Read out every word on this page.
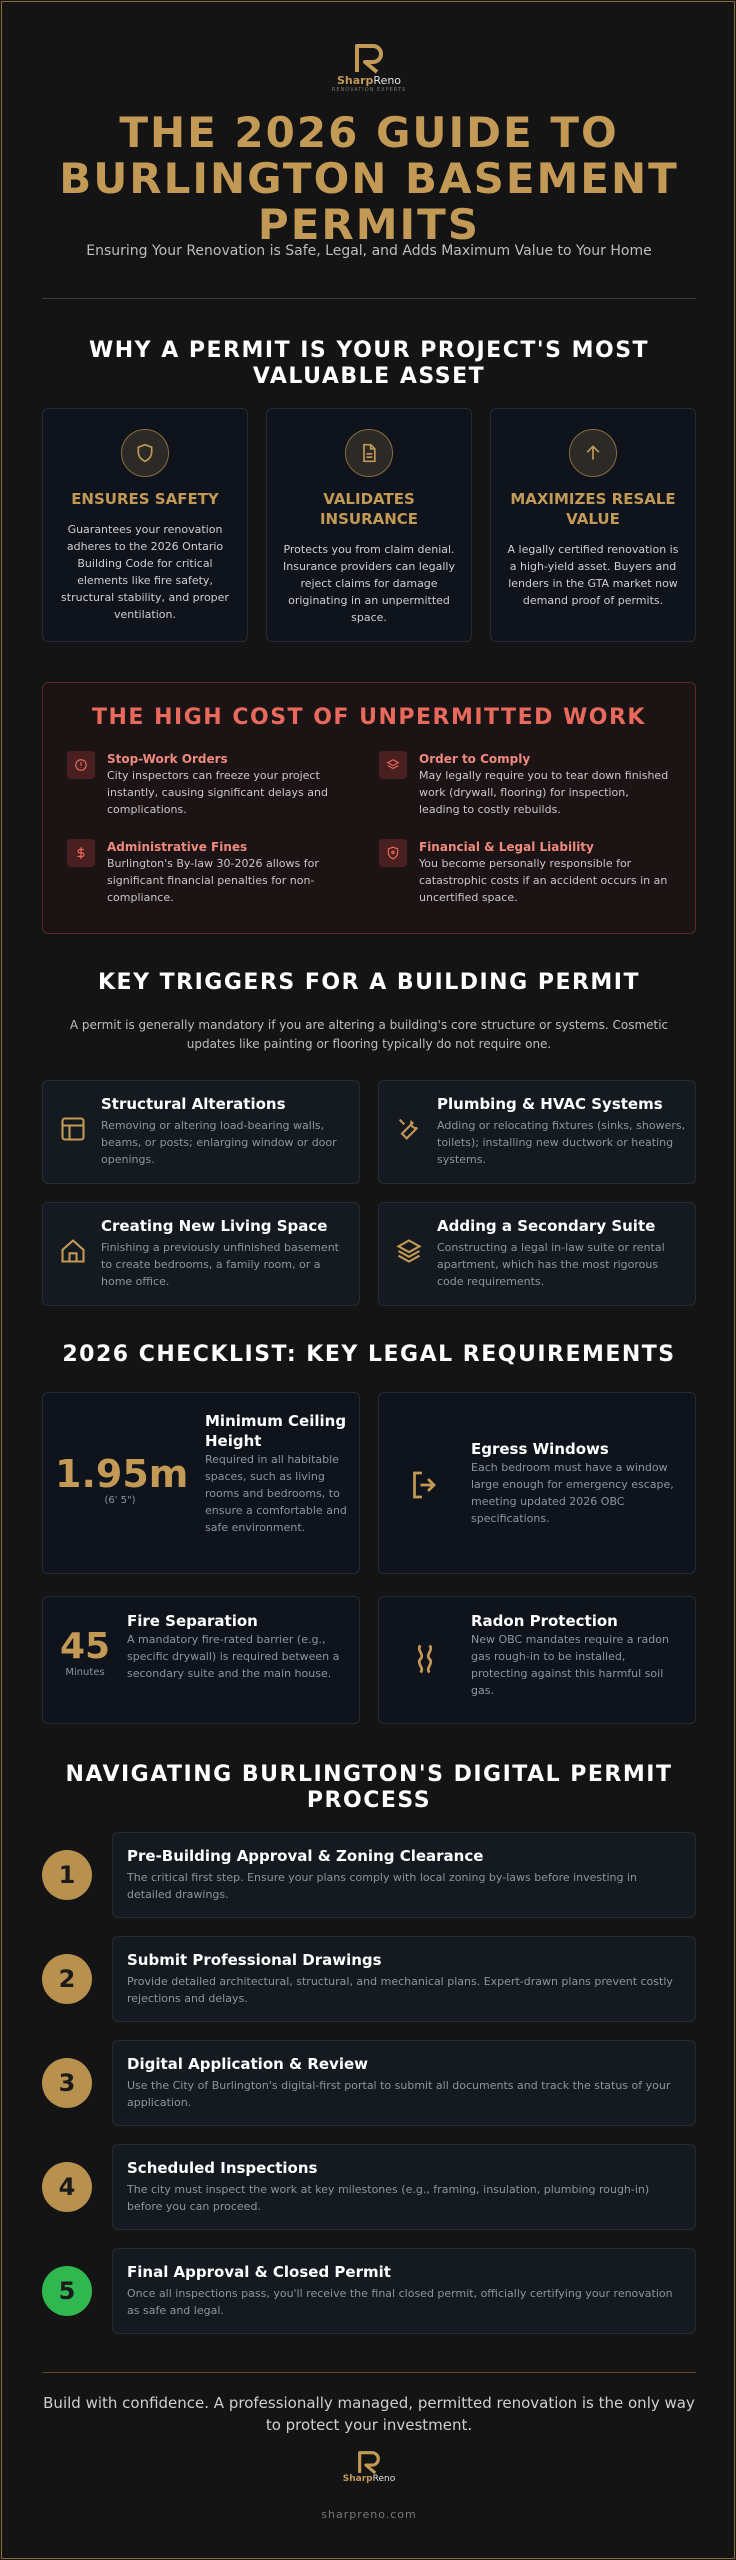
SharpReno
RENOVATION EXPERTS
THE 2026 GUIDE TO BURLINGTON BASEMENT PERMITS
Ensuring Your Renovation is Safe, Legal, and Adds Maximum Value to Your Home
WHY A PERMIT IS YOUR PROJECT'S MOST VALUABLE ASSET
ENSURES SAFETY

Guarantees your renovation adheres to the 2026 Ontario Building Code for critical elements like fire safety, structural stability, and proper ventilation.

VALIDATES INSURANCE

Protects you from claim denial. Insurance providers can legally reject claims for damage originating in an unpermitted space.

MAXIMIZES RESALE VALUE

A legally certified renovation is a high-yield asset. Buyers and lenders in the GTA market now demand proof of permits.

THE HIGH COST OF UNPERMITTED WORK
Stop-Work Orders

City inspectors can freeze your project instantly, causing significant delays and complications.

Order to Comply

May legally require you to tear down finished work (drywall, flooring) for inspection, leading to costly rebuilds.

Administrative Fines

Burlington's By-law 30-2026 allows for significant financial penalties for non-compliance.

Financial & Legal Liability

You become personally responsible for catastrophic costs if an accident occurs in an uncertified space.

KEY TRIGGERS FOR A BUILDING PERMIT
A permit is generally mandatory if you are altering a building's core structure or systems. Cosmetic updates like painting or flooring typically do not require one.
Structural Alterations

Removing or altering load-bearing walls, beams, or posts; enlarging window or door openings.

Plumbing & HVAC Systems

Adding or relocating fixtures (sinks, showers, toilets); installing new ductwork or heating systems.

Creating New Living Space

Finishing a previously unfinished basement to create bedrooms, a family room, or a home office.

Adding a Secondary Suite

Constructing a legal in-law suite or rental apartment, which has the most rigorous code requirements.

2026 CHECKLIST: KEY LEGAL REQUIREMENTS
1.95m
(6' 5")
Minimum Ceiling Height

Required in all habitable spaces, such as living rooms and bedrooms, to ensure a comfortable and safe environment.

Egress Windows

Each bedroom must have a window large enough for emergency escape, meeting updated 2026 OBC specifications.

45
Minutes
Fire Separation

A mandatory fire-rated barrier (e.g., specific drywall) is required between a secondary suite and the main house.

Radon Protection

New OBC mandates require a radon gas rough-in to be installed, protecting against this harmful soil gas.

NAVIGATING BURLINGTON'S DIGITAL PERMIT PROCESS
1
Pre-Building Approval & Zoning Clearance

The critical first step. Ensure your plans comply with local zoning by-laws before investing in detailed drawings.

2
Submit Professional Drawings

Provide detailed architectural, structural, and mechanical plans. Expert-drawn plans prevent costly rejections and delays.

3
Digital Application & Review

Use the City of Burlington's digital-first portal to submit all documents and track the status of your application.

4
Scheduled Inspections

The city must inspect the work at key milestones (e.g., framing, insulation, plumbing rough-in) before you can proceed.

5
Final Approval & Closed Permit

Once all inspections pass, you'll receive the final closed permit, officially certifying your renovation as safe and legal.

Build with confidence. A professionally managed, permitted renovation is the only way to protect your investment.
SharpReno
sharpreno.com
